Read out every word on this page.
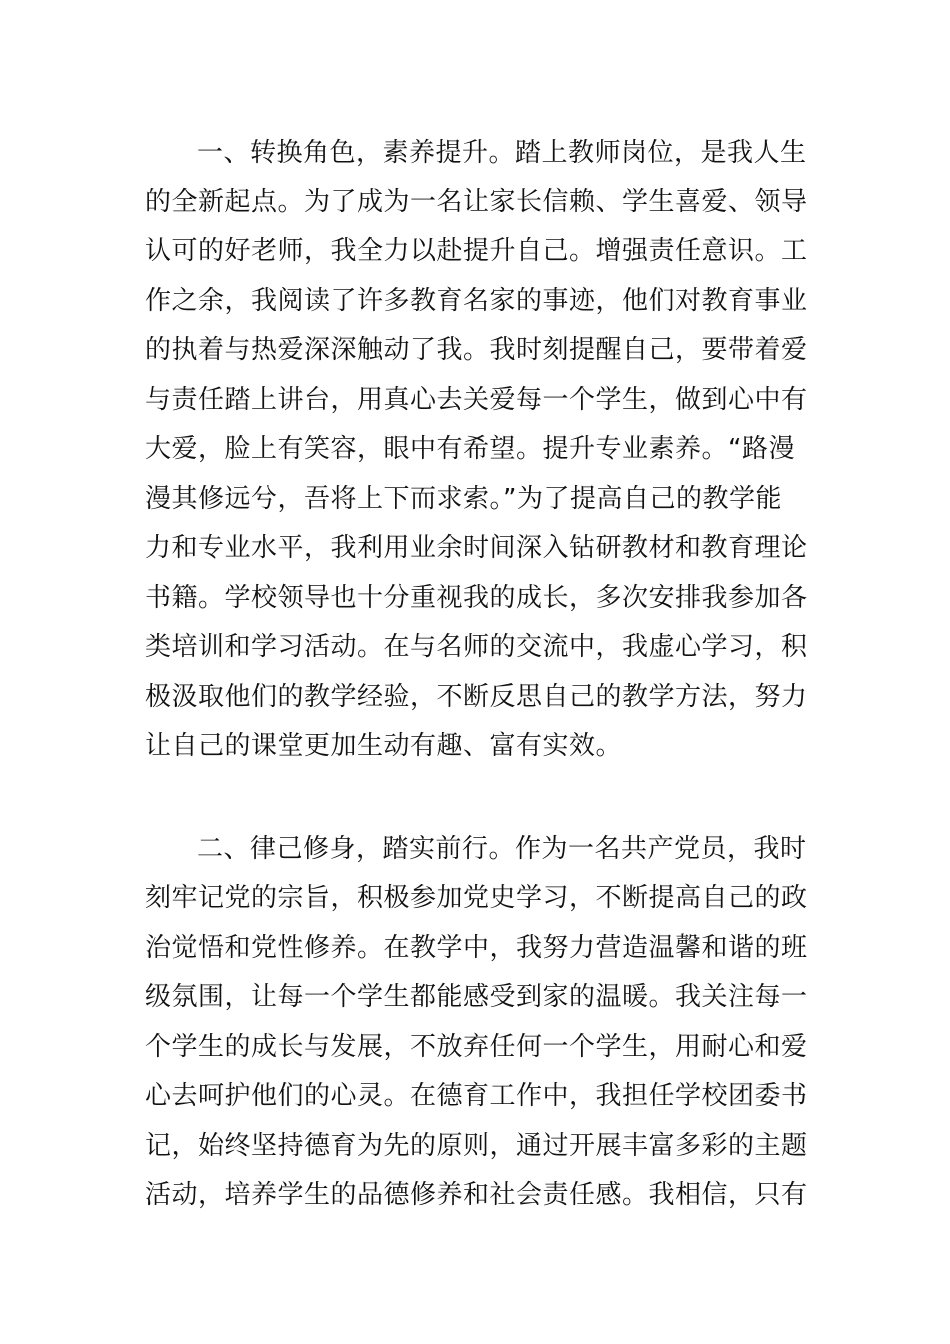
一、转换角色，素养提升。踏上教师岗位，是我人生
的全新起点。为了成为一名让家长信赖、学生喜爱、领导
认可的好老师，我全力以赴提升自己。增强责任意识。工
作之余，我阅读了许多教育名家的事迹，他们对教育事业
的执着与热爱深深触动了我。我时刻提醒自己，要带着爱
与责任踏上讲台，用真心去关爱每一个学生，做到心中有
大爱，脸上有笑容，眼中有希望。提升专业素养。“路漫
漫其修远兮，吾将上下而求索。”为了提高自己的教学能
力和专业水平，我利用业余时间深入钻研教材和教育理论
书籍。学校领导也十分重视我的成长，多次安排我参加各
类培训和学习活动。在与名师的交流中，我虚心学习，积
极汲取他们的教学经验，不断反思自己的教学方法，努力
让自己的课堂更加生动有趣、富有实效。
二、律己修身，踏实前行。作为一名共产党员，我时
刻牢记党的宗旨，积极参加党史学习，不断提高自己的政
治觉悟和党性修养。在教学中，我努力营造温馨和谐的班
级氛围，让每一个学生都能感受到家的温暖。我关注每一
个学生的成长与发展，不放弃任何一个学生，用耐心和爱
心去呵护他们的心灵。在德育工作中，我担任学校团委书
记，始终坚持德育为先的原则，通过开展丰富多彩的主题
活动，培养学生的品德修养和社会责任感。我相信，只有
